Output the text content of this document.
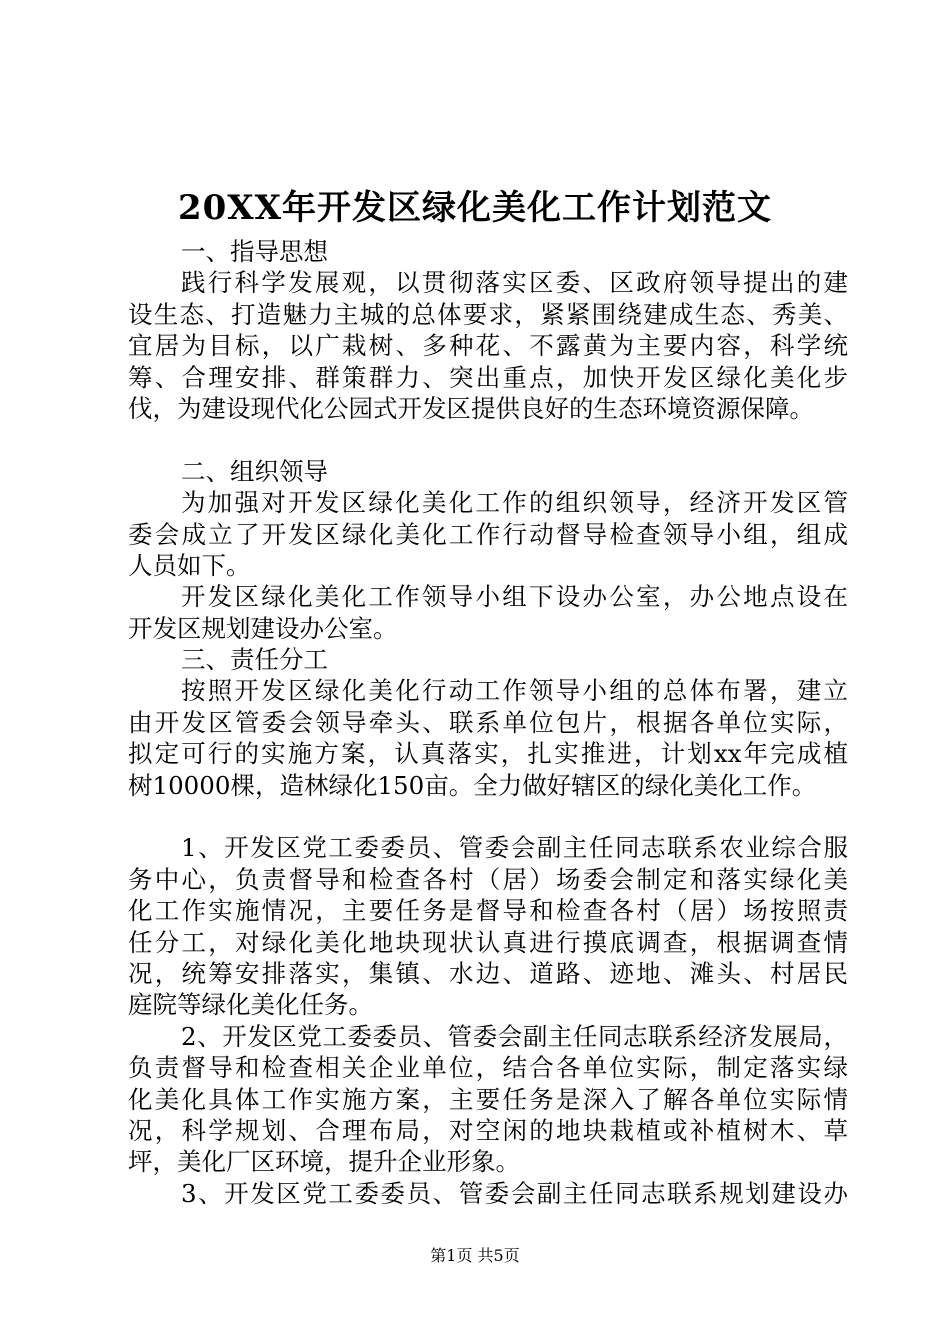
20XX年开发区绿化美化工作计划范文
一、指导思想
践行科学发展观，以贯彻落实区委、区政府领导提出的建
设生态、打造魅力主城的总体要求，紧紧围绕建成生态、秀美、
宜居为目标，以广栽树、多种花、不露黄为主要内容，科学统
筹、合理安排、群策群力、突出重点，加快开发区绿化美化步
伐，为建设现代化公园式开发区提供良好的生态环境资源保障。
二、组织领导
为加强对开发区绿化美化工作的组织领导，经济开发区管
委会成立了开发区绿化美化工作行动督导检查领导小组，组成
人员如下。
开发区绿化美化工作领导小组下设办公室，办公地点设在
开发区规划建设办公室。
三、责任分工
按照开发区绿化美化行动工作领导小组的总体布署，建立
由开发区管委会领导牵头、联系单位包片，根据各单位实际，
拟定可行的实施方案，认真落实，扎实推进，计划xx年完成植
树10000棵，造林绿化150亩。全力做好辖区的绿化美化工作。
1、开发区党工委委员、管委会副主任同志联系农业综合服
务中心，负责督导和检查各村（居）场委会制定和落实绿化美
化工作实施情况，主要任务是督导和检查各村（居）场按照责
任分工，对绿化美化地块现状认真进行摸底调查，根据调查情
况，统筹安排落实，集镇、水边、道路、迹地、滩头、村居民
庭院等绿化美化任务。
2、开发区党工委委员、管委会副主任同志联系经济发展局，
负责督导和检查相关企业单位，结合各单位实际，制定落实绿
化美化具体工作实施方案，主要任务是深入了解各单位实际情
况，科学规划、合理布局，对空闲的地块栽植或补植树木、草
坪，美化厂区环境，提升企业形象。
3、开发区党工委委员、管委会副主任同志联系规划建设办
第1页 共5页
